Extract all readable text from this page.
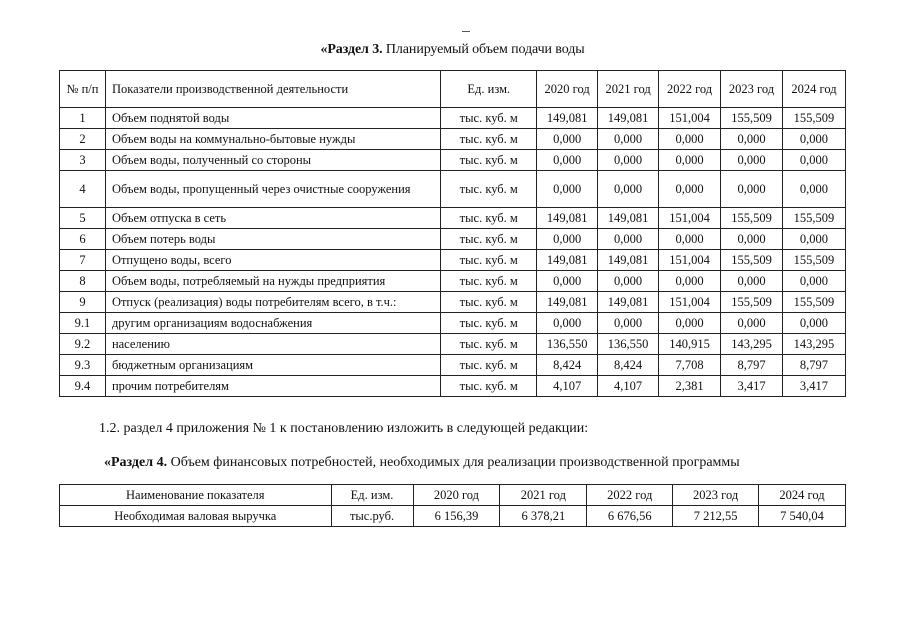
«Раздел 3. Планируемый объем подачи воды
№ п/п	Показатели производственной деятельности	Ед. изм.	2020 год	2021 год	2022 год	2023 год	2024 год
1	Объем поднятой воды	тыс. куб. м	149,081	149,081	151,004	155,509	155,509
2	Объем воды на коммунально-бытовые нужды	тыс. куб. м	0,000	0,000	0,000	0,000	0,000
3	Объем воды, полученный со стороны	тыс. куб. м	0,000	0,000	0,000	0,000	0,000
4	Объем воды, пропущенный через очистные сооружения	тыс. куб. м	0,000	0,000	0,000	0,000	0,000
5	Объем отпуска в сеть	тыс. куб. м	149,081	149,081	151,004	155,509	155,509
6	Объем потерь воды	тыс. куб. м	0,000	0,000	0,000	0,000	0,000
7	Отпущено воды, всего	тыс. куб. м	149,081	149,081	151,004	155,509	155,509
8	Объем воды, потребляемый на нужды предприятия	тыс. куб. м	0,000	0,000	0,000	0,000	0,000
9	Отпуск (реализация) воды потребителям всего, в т.ч.:	тыс. куб. м	149,081	149,081	151,004	155,509	155,509
9.1	другим организациям водоснабжения	тыс. куб. м	0,000	0,000	0,000	0,000	0,000
9.2	населению	тыс. куб. м	136,550	136,550	140,915	143,295	143,295
9.3	бюджетным организациям	тыс. куб. м	8,424	8,424	7,708	8,797	8,797
9.4	прочим потребителям	тыс. куб. м	4,107	4,107	2,381	3,417	3,417
1.2. раздел 4 приложения № 1 к постановлению изложить в следующей редакции:
«Раздел 4. Объем финансовых потребностей, необходимых для реализации производственной программы
Наименование показателя	Ед. изм.	2020 год	2021 год	2022 год	2023 год	2024 год
Необходимая валовая выручка	тыс.руб.	6 156,39	6 378,21	6 676,56	7 212,55	7 540,04
